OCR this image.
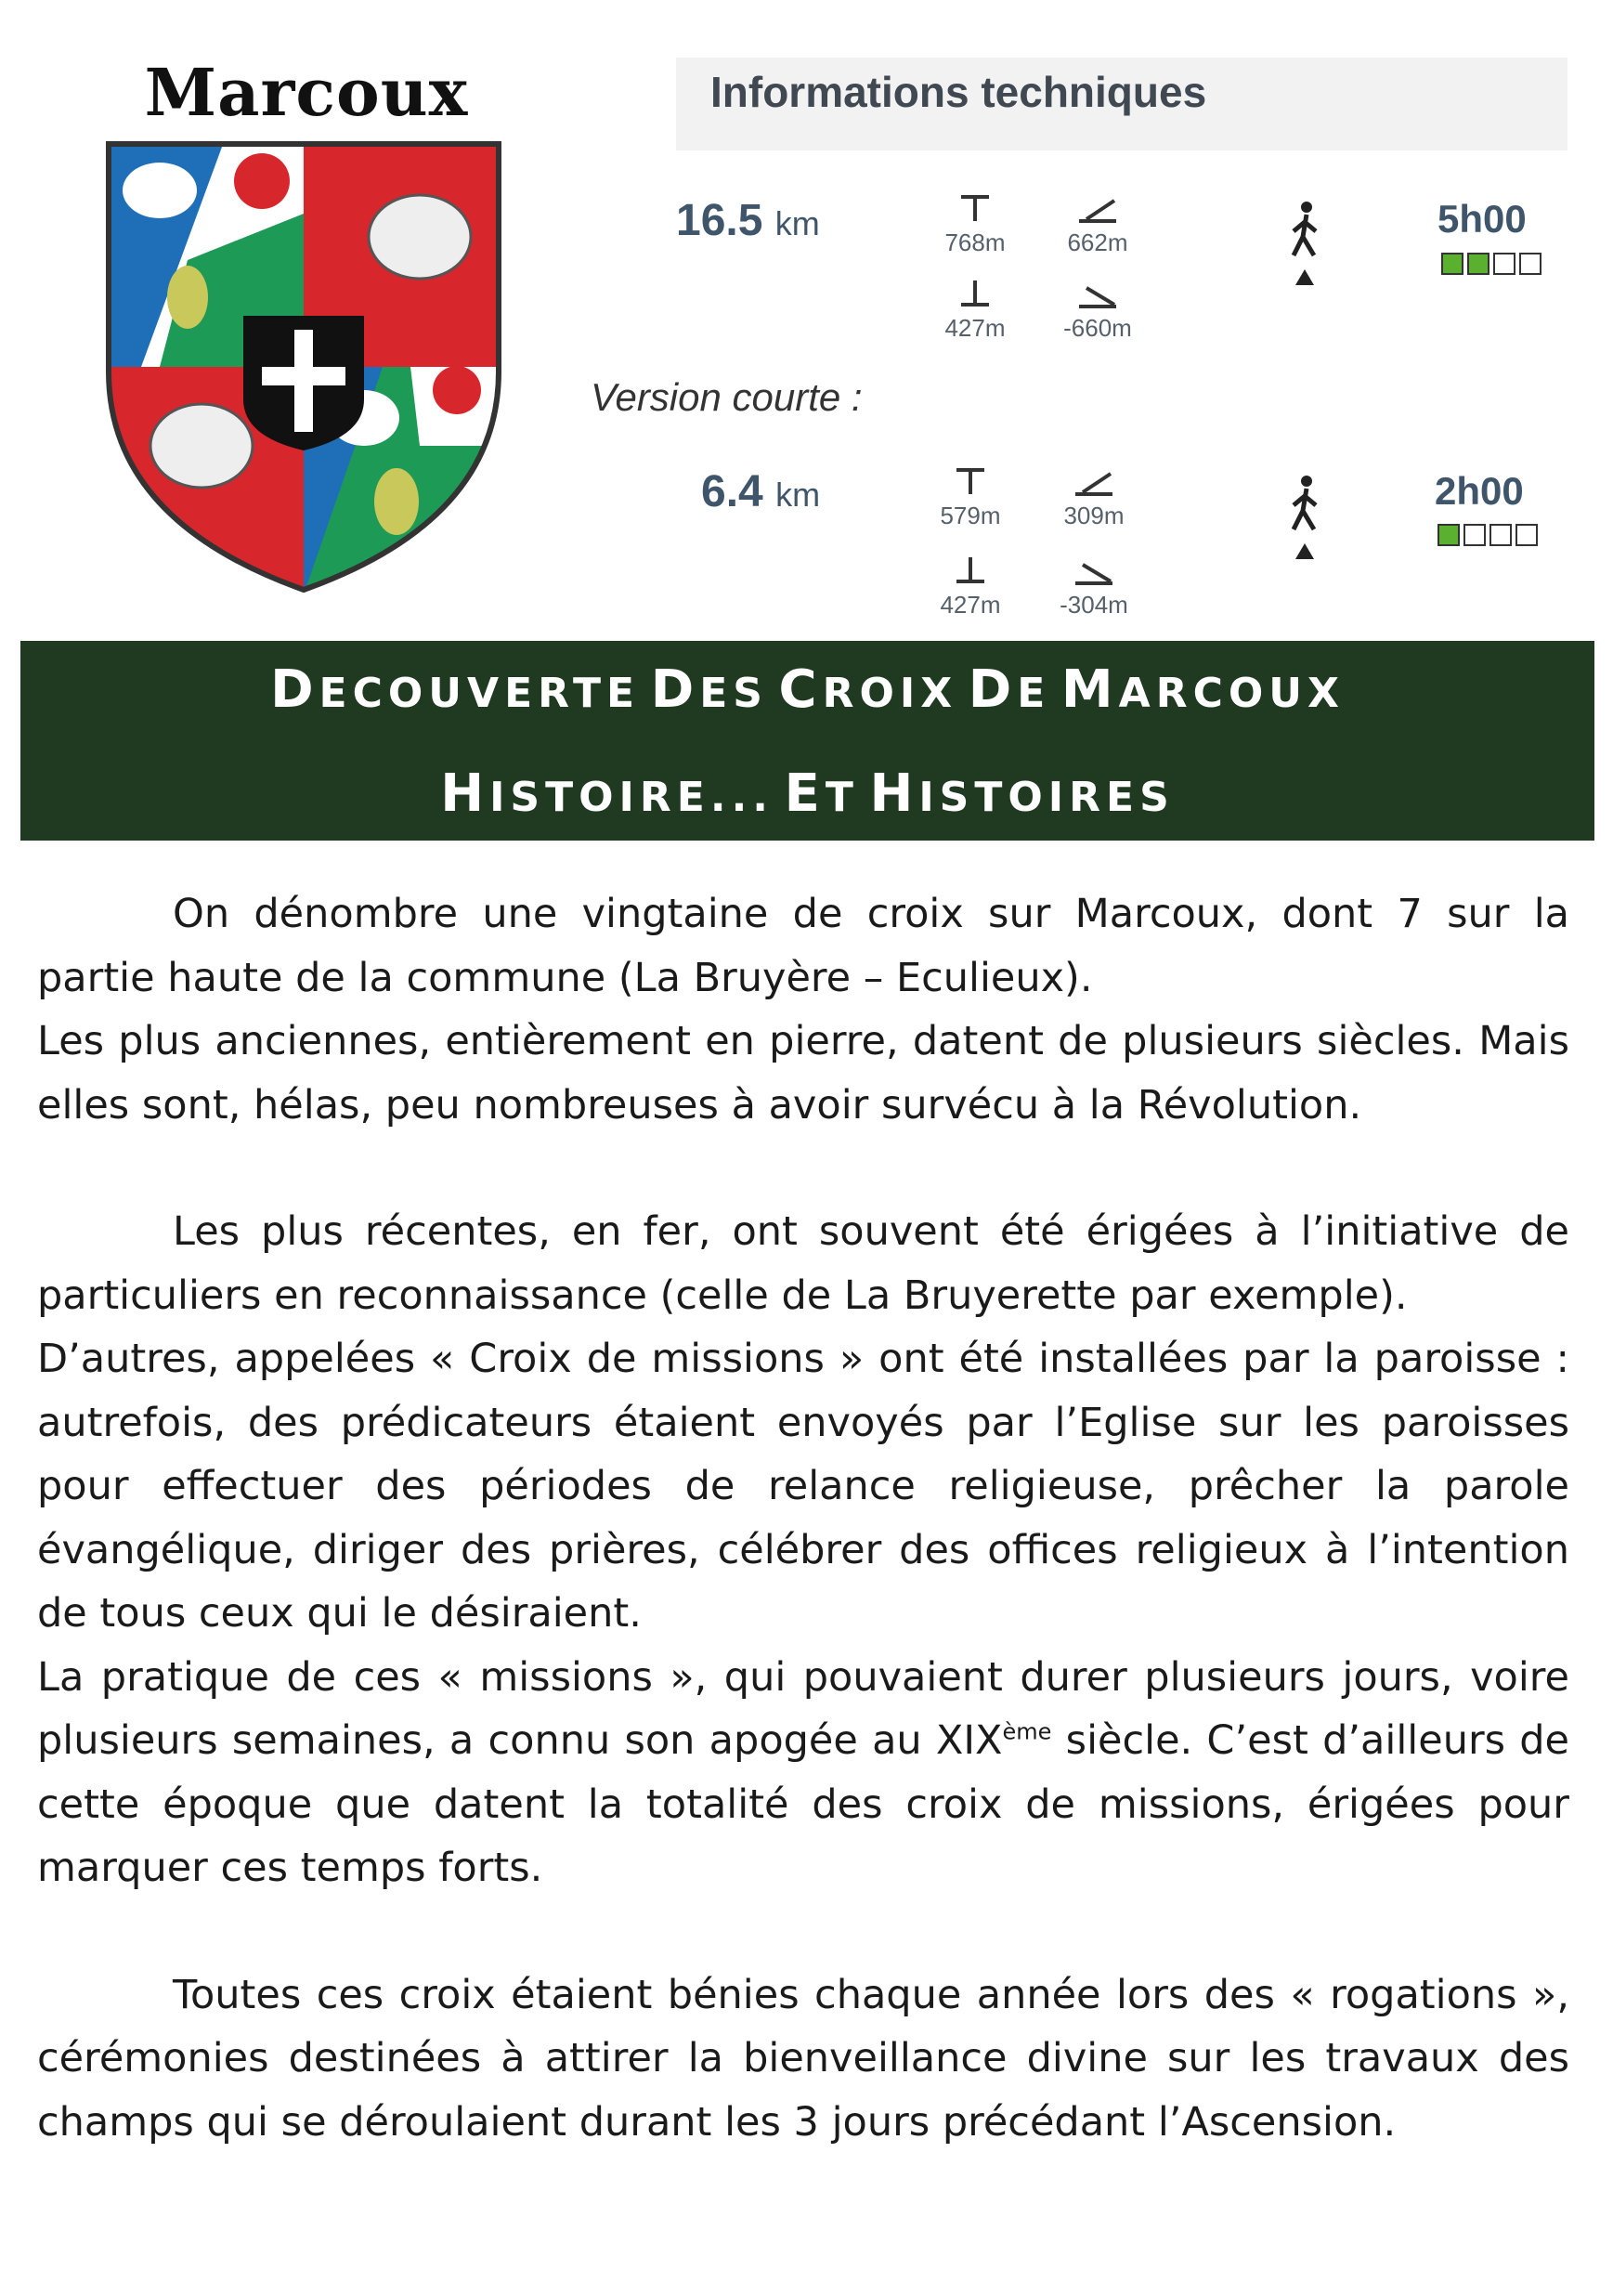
Marcoux	Informations techniques
16.5 km	768m	662m
427m	-660m
5h00
Version courte :
6.4 km
579m	309m
427m	-304m
2h00
DECOUVERTE DES CROIX DE MARCOUX
HISTOIRE... ET HISTOIRES

On dénombre une vingtaine de croix sur Marcoux, dont 7 sur la partie haute de la commune (La Bruyère – Eculieux).

Les plus anciennes, entièrement en pierre, datent de plusieurs siècles. Mais elles sont, hélas, peu nombreuses à avoir survécu à la Révolution.

Les plus récentes, en fer, ont souvent été érigées à l’initiative de particuliers en reconnaissance (celle de La Bruyerette par exemple).

D’autres, appelées « Croix de missions » ont été installées par la paroisse : autrefois, des prédicateurs étaient envoyés par l’Eglise sur les paroisses pour effectuer des périodes de relance religieuse, prêcher la parole évangélique, diriger des prières, célébrer des offices religieux à l’intention de tous ceux qui le désiraient.

La pratique de ces « missions », qui pouvaient durer plusieurs jours, voire plusieurs semaines, a connu son apogée au XIXème siècle. C’est d’ailleurs de cette époque que datent la totalité des croix de missions, érigées pour marquer ces temps forts.

Toutes ces croix étaient bénies chaque année lors des « rogations », cérémonies destinées à attirer la bienveillance divine sur les travaux des champs qui se déroulaient durant les 3 jours précédant l’Ascension.
